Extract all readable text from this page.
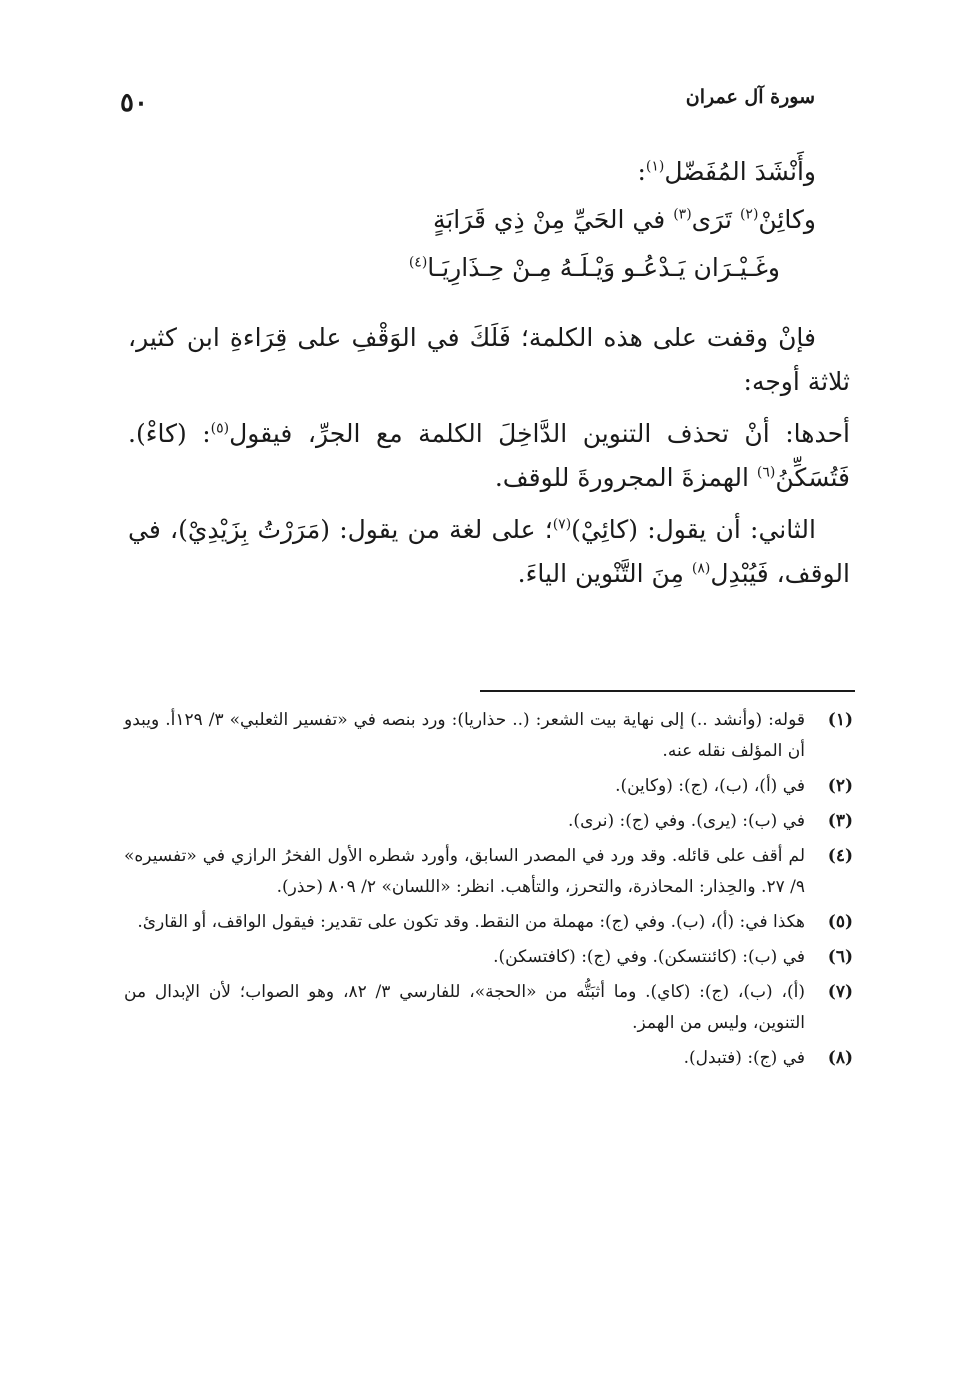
سورة آل عمران
٥٠
وأَنْشَدَ المُفَضّل$^{(١)}$:
وكائِنْ$^{(٢)}$ تَرَى$^{(٣)}$ في الحَيِّ مِنْ ذِي قَرَابَةٍ
وغَـيْـرَان يَـدْعُـو وَيْـلَـهُ مِـنْ حِـذَارِيَـا$^{(٤)}$

فإنْ وقفت على هذه الكلمة؛ فَلَكَ في الوَقْفِ على قِرَاءةِ ابن كثير، ثلاثة أوجه:

أحدها: أنْ تحذف التنوين الدَّاخِلَ الكلمة مع الجرِّ، فيقول$^{(٥)}$: (كاءْ). فَتُسَكِّنُ$^{(٦)}$ الهمزةَ المجرورةَ للوقف.

الثاني: أن يقول: (كائِيْ)$^{(٧)}$؛ على لغة من يقول: (مَرَرْتُ بِزَيْدِيْ)، في الوقف، فَيُبْدِل$^{(٨)}$ مِنَ التَّنْوين الياءَ.

(١)
قوله: (وأنشد ..) إلى نهاية بيت الشعر: (.. حذاريا): ورد بنصه في «تفسير الثعلبي» ٣/ ١٢٩أ. ويبدو أن المؤلف نقله عنه.
(٢)
في (أ)، (ب)، (ج): (وكاين).
(٣)
في (ب): (يرى). وفي (ج): (نرى).
(٤)
لم أقف على قائله. وقد ورد في المصدر السابق، وأورد شطره الأول الفخرُ الرازي في «تفسيره» ٩/ ٢٧. والحِذار: المحاذرة، والتحرز، والتأهب. انظر: «اللسان» ٢/ ٨٠٩ (حذر).
(٥)
هكذا في: (أ)، (ب). وفي (ج): مهملة من النقط. وقد تكون على تقدير: فيقول الواقف، أو القارئ.
(٦)
في (ب): (كائنتسكن). وفي (ج): (كافتسكن).
(٧)
(أ)، (ب)، (ج): (كاي). وما أثبَتُّه من «الحجة»، للفارسي ٣/ ٨٢، وهو الصواب؛ لأن الإبدال من التنوين، وليس من الهمز.
(٨)
في (ج): (فتبدل).
